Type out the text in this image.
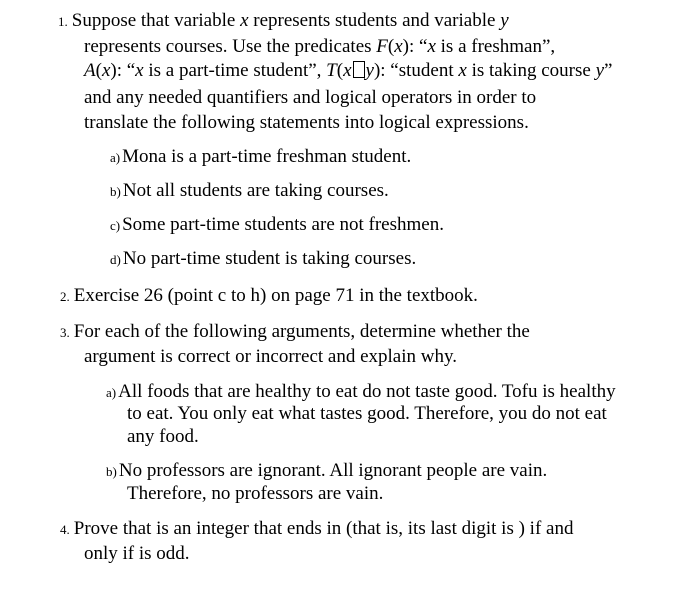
1. Suppose that variable x represents students and variable y
represents courses. Use the predicates F(x): “x is a freshman”,
A(x): “x is a part-time student”, T(x y): “student x is taking course y”
and any needed quantifiers and logical operators in order to
translate the following statements into logical expressions.
a) Mona is a part-time freshman student.
b) Not all students are taking courses.
c) Some part-time students are not freshmen.
d) No part-time student is taking courses.
2. Exercise 26 (point c to h) on page 71 in the textbook.
3. For each of the following arguments, determine whether the
argument is correct or incorrect and explain why.
a) All foods that are healthy to eat do not taste good. Tofu is healthy
to eat. You only eat what tastes good. Therefore, you do not eat
any food.
b) No professors are ignorant. All ignorant people are vain.
Therefore, no professors are vain.
4. Prove that is an integer that ends in (that is, its last digit is ) if and
only if is odd.
